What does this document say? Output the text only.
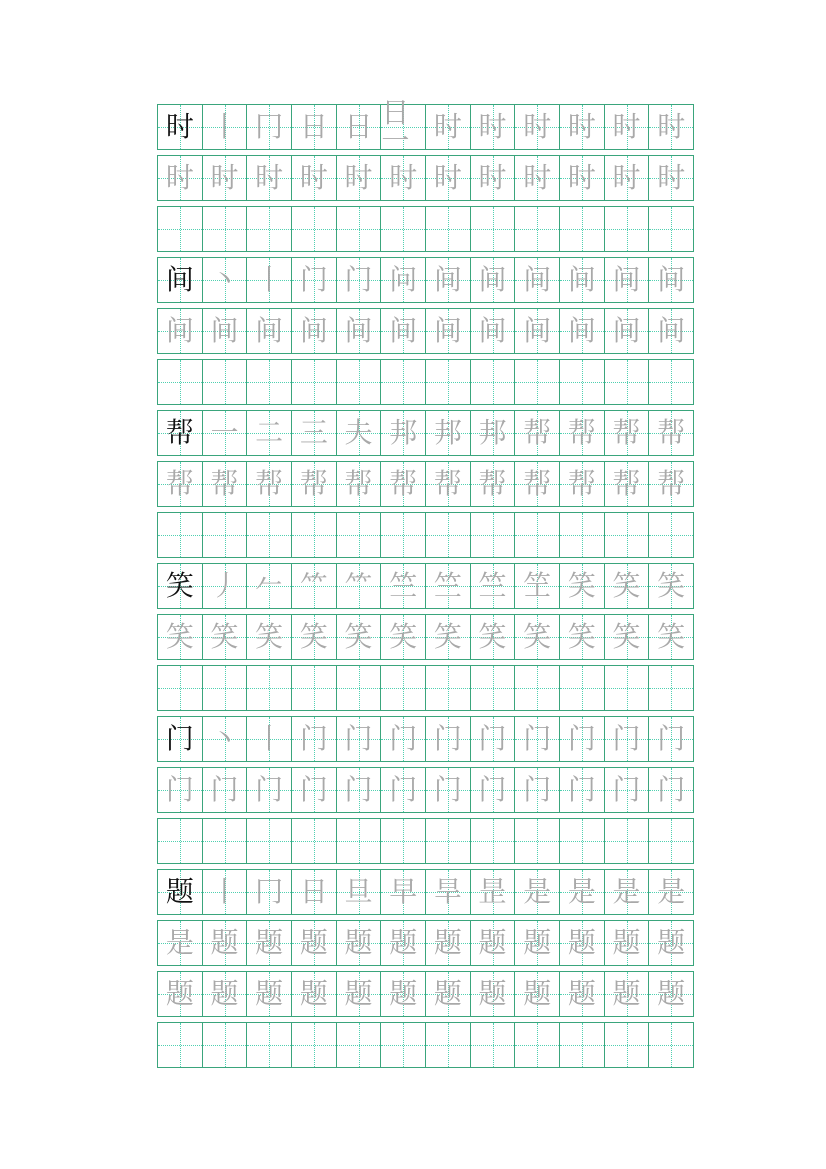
时 丨 冂 日 日 日一 时 时 时 时 时 时
时 时 时 时 时 时 时 时 时 时 时 时
间 丶 丨 门 门 问 间 间 间 间 间 间
间 间 间 间 间 间 间 间 间 间 间 间
帮 一 二 三 夫 邦 邦 邦 帮 帮 帮 帮
帮 帮 帮 帮 帮 帮 帮 帮 帮 帮 帮 帮
笑 丿 𠂉 ⺮ ⺮ 竺 竺 竺 笁 笑 笑 笑
笑 笑 笑 笑 笑 笑 笑 笑 笑 笑 笑 笑
门 丶 丨 门 门 门 门 门 门 门 门 门
门 门 门 门 门 门 门 门 门 门 门 门
题 丨 冂 日 旦 早 旱 昰 是 是 是 是
是 题 题 题 题 题 题 题 题 题 题 题
题 题 题 题 题 题 题 题 题 题 题 题
